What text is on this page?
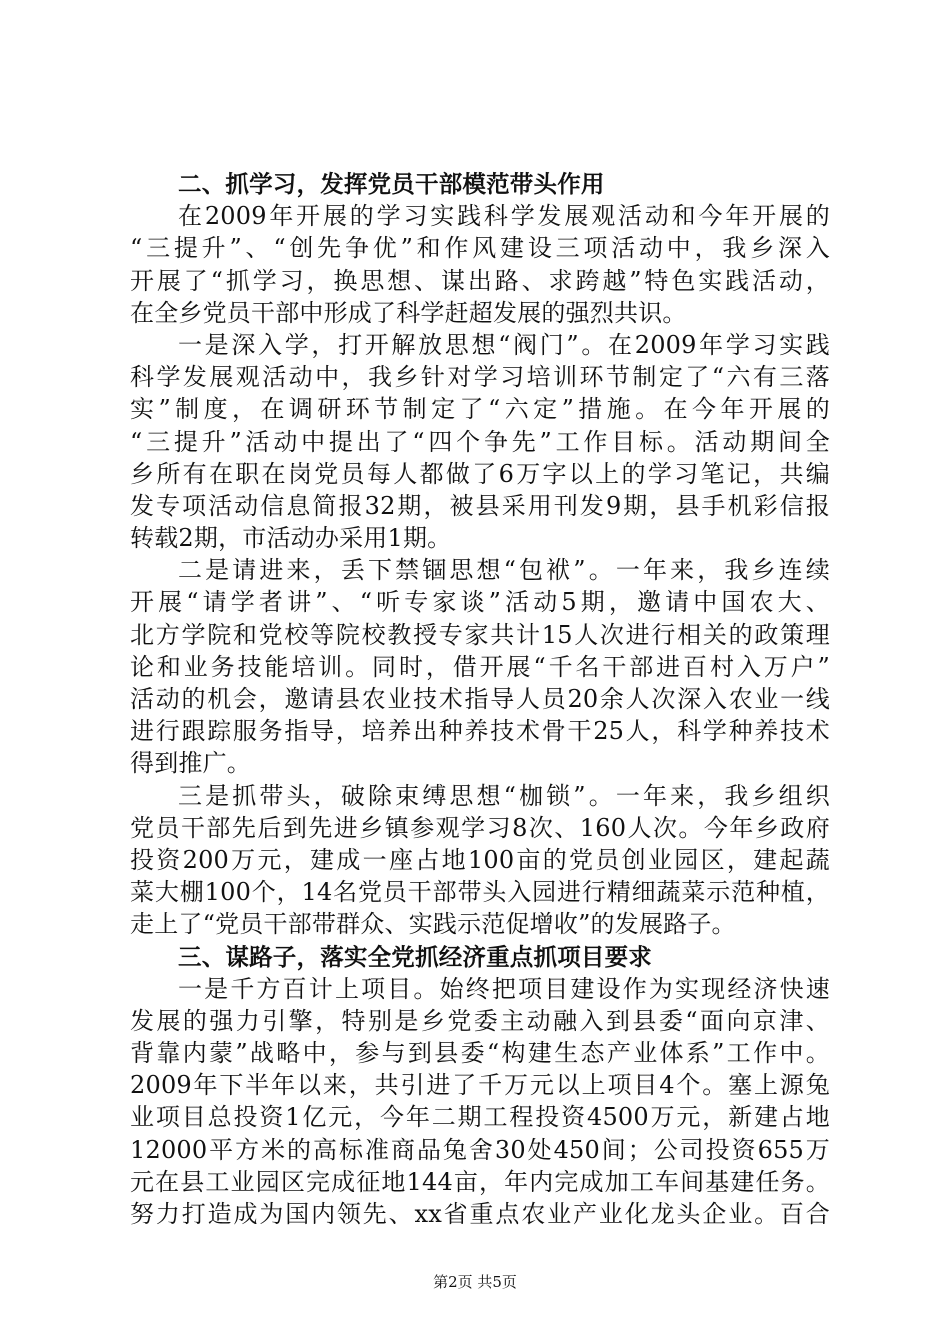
二、抓学习，发挥党员干部模范带头作用
在2009年开展的学习实践科学发展观活动和今年开展的
“三提升”、“创先争优”和作风建设三项活动中，我乡深入
开展了“抓学习，换思想、谋出路、求跨越”特色实践活动，
在全乡党员干部中形成了科学赶超发展的强烈共识。
一是深入学，打开解放思想“阀门”。在2009年学习实践
科学发展观活动中，我乡针对学习培训环节制定了“六有三落
实”制度，在调研环节制定了“六定”措施。在今年开展的
“三提升”活动中提出了“四个争先”工作目标。活动期间全
乡所有在职在岗党员每人都做了6万字以上的学习笔记，共编
发专项活动信息简报32期，被县采用刊发9期，县手机彩信报
转载2期，市活动办采用1期。
二是请进来，丢下禁锢思想“包袱”。一年来，我乡连续
开展“请学者讲”、“听专家谈”活动5期，邀请中国农大、
北方学院和党校等院校教授专家共计15人次进行相关的政策理
论和业务技能培训。同时，借开展“千名干部进百村入万户”
活动的机会，邀请县农业技术指导人员20余人次深入农业一线
进行跟踪服务指导，培养出种养技术骨干25人，科学种养技术
得到推广。
三是抓带头，破除束缚思想“枷锁”。一年来，我乡组织
党员干部先后到先进乡镇参观学习8次、160人次。今年乡政府
投资200万元，建成一座占地100亩的党员创业园区，建起蔬
菜大棚100个，14名党员干部带头入园进行精细蔬菜示范种植，
走上了“党员干部带群众、实践示范促增收”的发展路子。
三、谋路子，落实全党抓经济重点抓项目要求
一是千方百计上项目。始终把项目建设作为实现经济快速
发展的强力引擎，特别是乡党委主动融入到县委“面向京津、
背靠内蒙”战略中，参与到县委“构建生态产业体系”工作中。
2009年下半年以来，共引进了千万元以上项目4个。塞上源兔
业项目总投资1亿元，今年二期工程投资4500万元，新建占地
12000平方米的高标准商品兔舍30处450间；公司投资655万
元在县工业园区完成征地144亩，年内完成加工车间基建任务。
努力打造成为国内领先、xx省重点农业产业化龙头企业。百合
第2页 共5页
